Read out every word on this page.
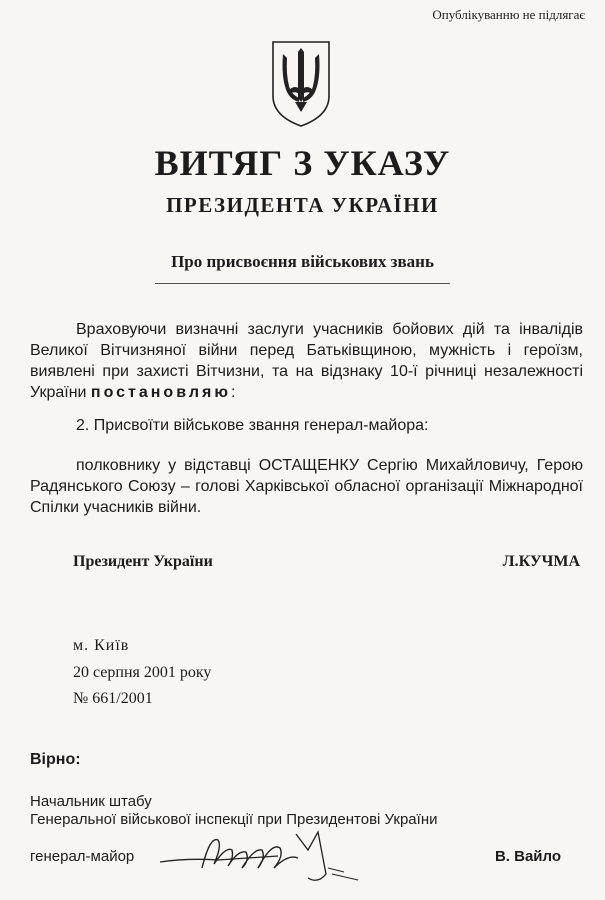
Опублікуванню не підлягає
ВИТЯГ З УКАЗУ
ПРЕЗИДЕНТА УКРАЇНИ
Про присвоєння військових звань
Враховуючи визначні заслуги учасників бойових дій та інвалідів Великої Вітчизняної війни перед Батьківщиною, мужність і героїзм, виявлені при захисті Вітчизни, та на відзнаку 10-ї річниці незалежності України постановляю:
2. Присвоїти військове звання генерал-майора:
полковнику у відставці ОСТАЩЕНКУ Сергію Михайловичу, Герою Радянського Союзу – голові Харківської обласної організації Міжнародної Спілки учасників війни.
Президент України	Л.КУЧМА
м. Київ
20 серпня 2001 року
№ 661/2001
Вірно:
Начальник штабу
Генеральної військової інспекції при Президентові України
генерал-майор	В. Вайло
